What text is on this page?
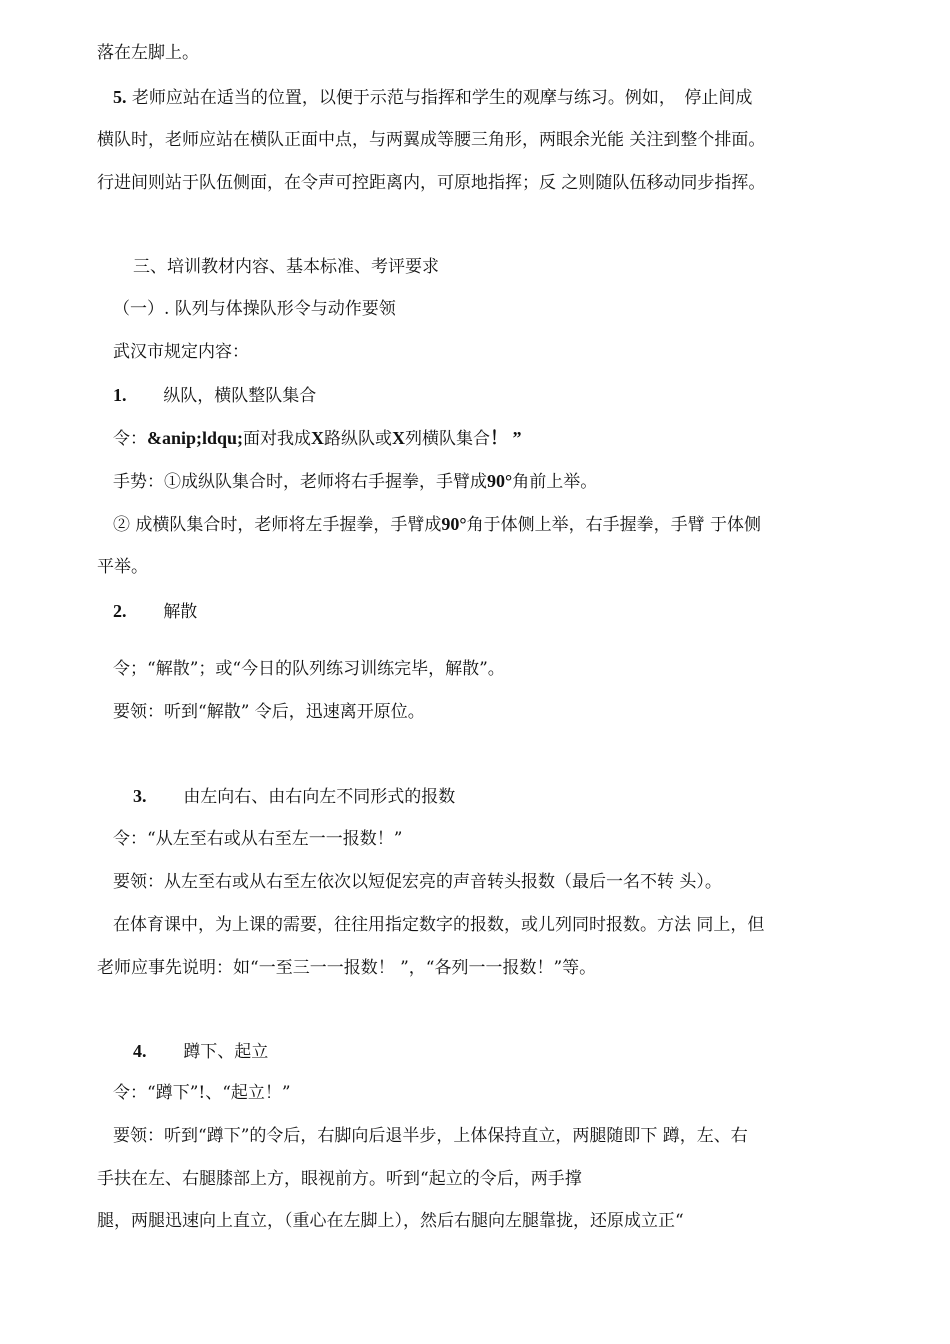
落在左脚上。
5. 老师应站在适当的位置，以便于示范与指挥和学生的观摩与练习。例如，　停止间成
横队时，老师应站在横队正面中点，与两翼成等腰三角形，两眼余光能 关注到整个排面。
行进间则站于队伍侧面，在令声可控距离内，可原地指挥；反 之则随队伍移动同步指挥。
三、培训教材内容、基本标准、考评要求
（一）. 队列与体操队形令与动作要领
武汉市规定内容：
1. 纵队，横队整队集合
令：&anip;ldqu;面对我成X路纵队或X列横队集合！ ”
手势：①成纵队集合时，老师将右手握拳，手臂成90°角前上举。
② 成横队集合时，老师将左手握拳，手臂成90°角于体侧上举，右手握拳，手臂 于体侧
平举。
2. 解散
令；“解散”；或“今日的队列练习训练完毕，解散”。
要领：听到“解散” 令后，迅速离开原位。
3. 由左向右、由右向左不同形式的报数
令：“从左至右或从右至左一一报数！”
要领：从左至右或从右至左依次以短促宏亮的声音转头报数（最后一名不转 头）。
在体育课中，为上课的需要，往往用指定数字的报数，或儿列同时报数。方法 同上，但
老师应事先说明：如“一至三一一报数！ ”，“各列一一报数！”等。
4. 蹲下、起立
令：“蹲下”!、“起立！”
要领：听到“蹲下”的令后，右脚向后退半步，上体保持直立，两腿随即下 蹲，左、右
手扶在左、右腿膝部上方，眼视前方。听到“起立的令后，两手撑
腿，两腿迅速向上直立，（重心在左脚上），然后右腿向左腿靠拢，还原成立正“
